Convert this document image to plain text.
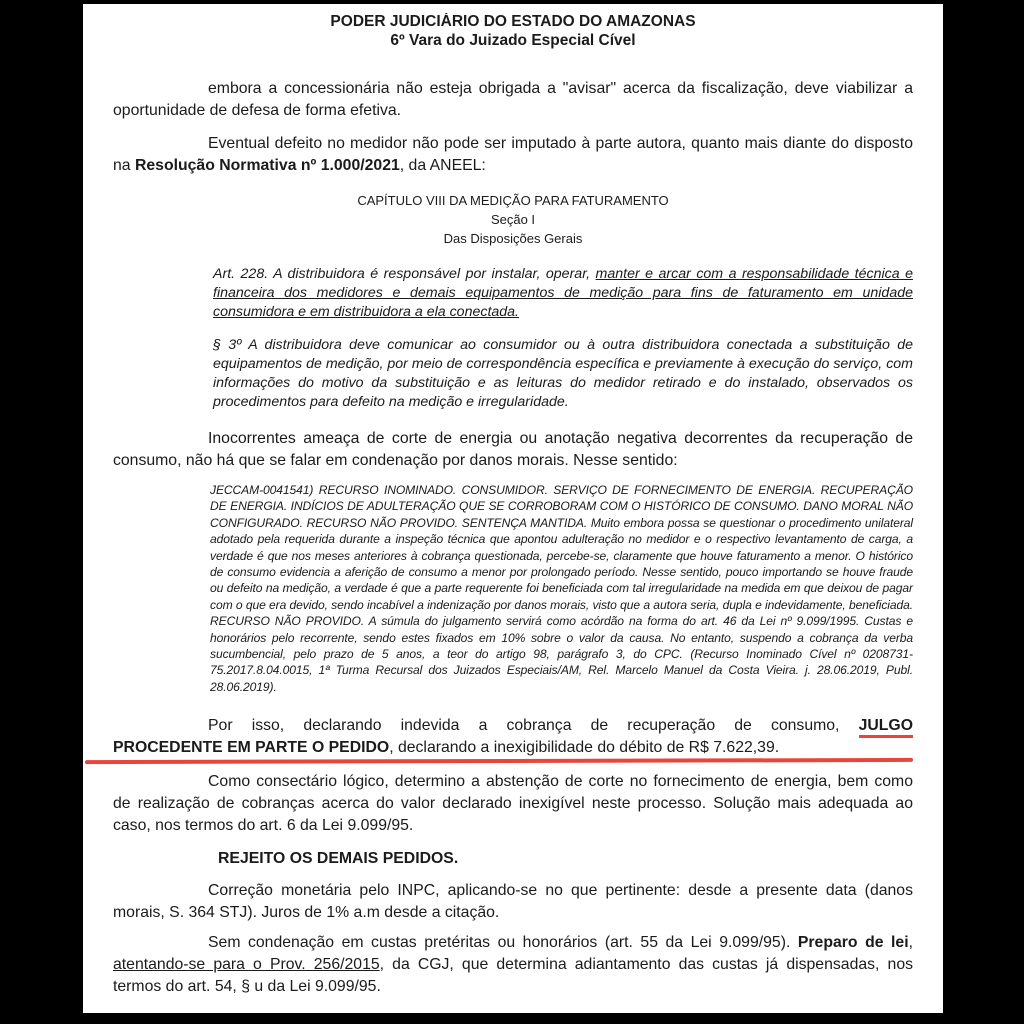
PODER JUDICIÁRIO DO ESTADO DO AMAZONAS
6º Vara do Juizado Especial Cível

embora a concessionária não esteja obrigada a "avisar" acerca da fiscalização, deve viabilizar a oportunidade de defesa de forma efetiva.

Eventual defeito no medidor não pode ser imputado à parte autora, quanto mais diante do disposto na Resolução Normativa nº 1.000/2021, da ANEEL:

CAPÍTULO VIII DA MEDIÇÃO PARA FATURAMENTO
Seção I
Das Disposições Gerais

Art. 228. A distribuidora é responsável por instalar, operar, manter e arcar com a responsabilidade técnica e financeira dos medidores e demais equipamentos de medição para fins de faturamento em unidade consumidora e em distribuidora a ela conectada.

§ 3º A distribuidora deve comunicar ao consumidor ou à outra distribuidora conectada a substituição de equipamentos de medição, por meio de correspondência específica e previamente à execução do serviço, com informações do motivo da substituição e as leituras do medidor retirado e do instalado, observados os procedimentos para defeito na medição e irregularidade.

Inocorrentes ameaça de corte de energia ou anotação negativa decorrentes da recuperação de consumo, não há que se falar em condenação por danos morais. Nesse sentido:

JECCAM-0041541) RECURSO INOMINADO. CONSUMIDOR. SERVIÇO DE FORNECIMENTO DE ENERGIA. RECUPERAÇÃO DE ENERGIA. INDÍCIOS DE ADULTERAÇÃO QUE SE CORROBORAM COM O HISTÓRICO DE CONSUMO. DANO MORAL NÃO CONFIGURADO. RECURSO NÃO PROVIDO. SENTENÇA MANTIDA. Muito embora possa se questionar o procedimento unilateral adotado pela requerida durante a inspeção técnica que apontou adulteração no medidor e o respectivo levantamento de carga, a verdade é que nos meses anteriores à cobrança questionada, percebe-se, claramente que houve faturamento a menor. O histórico de consumo evidencia a aferição de consumo a menor por prolongado período. Nesse sentido, pouco importando se houve fraude ou defeito na medição, a verdade é que a parte requerente foi beneficiada com tal irregularidade na medida em que deixou de pagar com o que era devido, sendo incabível a indenização por danos morais, visto que a autora seria, dupla e indevidamente, beneficiada. RECURSO NÃO PROVIDO. A súmula do julgamento servirá como acórdão na forma do art. 46 da Lei nº 9.099/1995. Custas e honorários pelo recorrente, sendo estes fixados em 10% sobre o valor da causa. No entanto, suspendo a cobrança da verba sucumbencial, pelo prazo de 5 anos, a teor do artigo 98, parágrafo 3, do CPC. (Recurso Inominado Cível nº 0208731-75.2017.8.04.0015, 1ª Turma Recursal dos Juizados Especiais/AM, Rel. Marcelo Manuel da Costa Vieira. j. 28.06.2019, Publ. 28.06.2019).

Por isso, declarando indevida a cobrança de recuperação de consumo, JULGO
PROCEDENTE EM PARTE O PEDIDO, declarando a inexigibilidade do débito de R$ 7.622,39.

Como consectário lógico, determino a abstenção de corte no fornecimento de energia, bem como de realização de cobranças acerca do valor declarado inexigível neste processo. Solução mais adequada ao caso, nos termos do art. 6 da Lei 9.099/95.

REJEITO OS DEMAIS PEDIDOS.

Correção monetária pelo INPC, aplicando-se no que pertinente: desde a presente data (danos morais, S. 364 STJ). Juros de 1% a.m desde a citação.

Sem condenação em custas pretéritas ou honorários (art. 55 da Lei 9.099/95). Preparo de lei, atentando-se para o Prov. 256/2015, da CGJ, que determina adiantamento das custas já dispensadas, nos termos do art. 54, § u da Lei 9.099/95.
